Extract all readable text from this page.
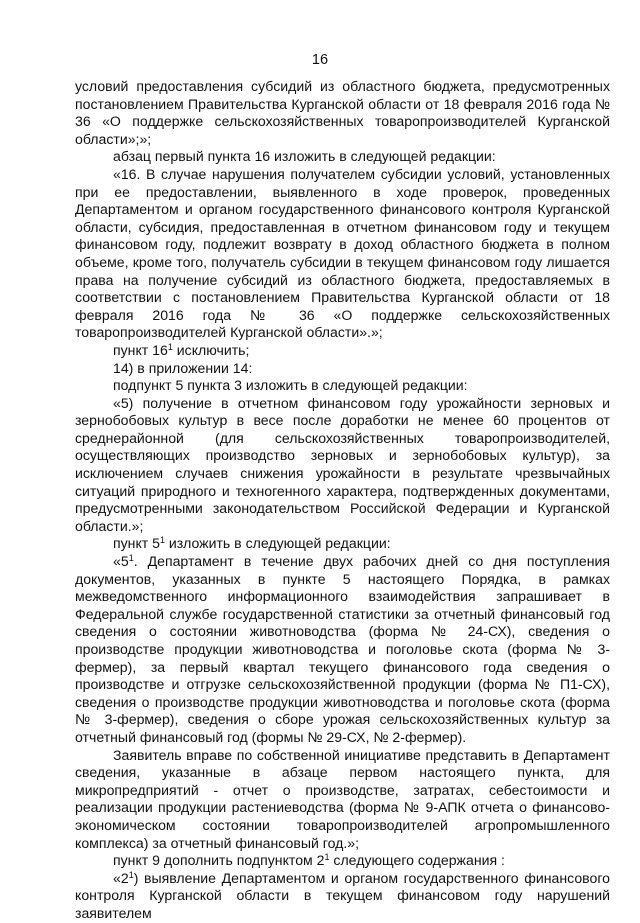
16

условий предоставления субсидий из областного бюджета, предусмотренных постановлением Правительства Курганской области от 18 февраля 2016 года № 36 «О поддержке сельскохозяйственных товаропроизводителей Курганской области»;»;

абзац первый пункта 16 изложить в следующей редакции:

«16. В случае нарушения получателем субсидии условий, установленных при ее предоставлении, выявленного в ходе проверок, проведенных Департаментом и органом государственного финансового контроля Курганской области, субсидия, предоставленная в отчетном финансовом году и текущем финансовом году, подлежит возврату в доход областного бюджета в полном объеме, кроме того, получатель субсидии в текущем финансовом году лишается права на получение субсидий из областного бюджета, предоставляемых в соответствии с постановлением Правительства Курганской области от 18 февраля 2016 года № 36 «О поддержке сельскохозяйственных товаропроизводителей Курганской области».»;

пункт $16^1$ исключить;

14) в приложении 14:

подпункт 5 пункта 3 изложить в следующей редакции:

«5) получение в отчетном финансовом году урожайности зерновых и зернобобовых культур в весе после доработки не менее 60 процентов от среднерайонной (для сельскохозяйственных товаропроизводителей, осуществляющих производство зерновых и зернобобовых культур), за исключением случаев снижения урожайности в результате чрезвычайных ситуаций природного и техногенного характера, подтвержденных документами, предусмотренными законодательством Российской Федерации и Курганской области.»;

пункт $5^1$ изложить в следующей редакции:

«$5^1$. Департамент в течение двух рабочих дней со дня поступления документов, указанных в пункте 5 настоящего Порядка, в рамках межведомственного информационного взаимодействия запрашивает в Федеральной службе государственной статистики за отчетный финансовый год сведения о состоянии животноводства (форма № 24-СХ), сведения о производстве продукции животноводства и поголовье скота (форма № 3-фермер), за первый квартал текущего финансового года сведения о производстве и отгрузке сельскохозяйственной продукции (форма № П1-СХ), сведения о производстве продукции животноводства и поголовье скота (форма № 3-фермер), сведения о сборе урожая сельскохозяйственных культур за отчетный финансовый год (формы № 29-СХ, № 2-фермер).

Заявитель вправе по собственной инициативе представить в Департамент сведения, указанные в абзаце первом настоящего пункта, для микропредприятий - отчет о производстве, затратах, себестоимости и реализации продукции растениеводства (форма № 9-АПК отчета о финансово-экономическом состоянии товаропроизводителей агропромышленного комплекса) за отчетный финансовый год.»;

пункт 9 дополнить подпунктом $2^1$ следующего содержания :

«$2^1$) выявление Департаментом и органом государственного финансового контроля Курганской области в текущем финансовом году нарушений заявителем
